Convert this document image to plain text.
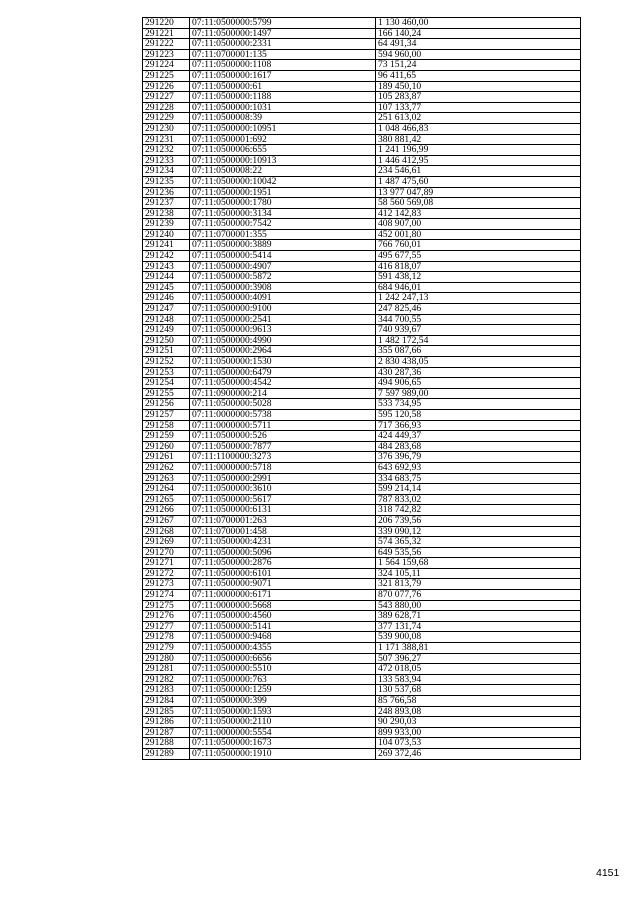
291220	07:11:0500000:5799	1 130 460,00
291221	07:11:0500000:1497	166 140,24
291222	07:11:0500000:2331	64 491,34
291223	07:11:0700001:135	594 960,00
291224	07:11:0500000:1108	73 151,24
291225	07:11:0500000:1617	96 411,65
291226	07:11:0500000:61	189 450,10
291227	07:11:0500000:1188	105 283,87
291228	07:11:0500000:1031	107 133,77
291229	07:11:0500008:39	251 613,02
291230	07:11:0500000:10951	1 048 466,83
291231	07:11:0500001:692	380 881,42
291232	07:11:0500006:655	1 241 196,99
291233	07:11:0500000:10913	1 446 412,95
291234	07:11:0500008:22	234 546,61
291235	07:11:0500000:10042	1 487 475,60
291236	07:11:0500000:1951	13 977 047,89
291237	07:11:0500000:1780	58 560 569,08
291238	07:11:0500000:3134	412 142,83
291239	07:11:0500000:7542	408 907,00
291240	07:11:0700001:355	452 001,80
291241	07:11:0500000:3889	766 760,01
291242	07:11:0500000:5414	495 677,55
291243	07:11:0500000:4907	416 818,07
291244	07:11:0500000:5872	591 438,12
291245	07:11:0500000:3908	684 946,01
291246	07:11:0500000:4091	1 242 247,13
291247	07:11:0500000:9100	247 825,46
291248	07:11:0500000:2541	344 700,55
291249	07:11:0500000:9613	740 939,67
291250	07:11:0500000:4990	1 482 172,54
291251	07:11:0500000:2964	355 087,66
291252	07:11:0500000:1530	2 830 438,05
291253	07:11:0500000:6479	430 287,36
291254	07:11:0500000:4542	494 906,65
291255	07:11:0900000:214	7 597 989,00
291256	07:11:0500000:5028	533 734,95
291257	07:11:0000000:5738	595 120,58
291258	07:11:0000000:5711	717 366,93
291259	07:11:0500000:526	424 449,37
291260	07:11:0500000:7877	484 283,68
291261	07:11:1100000:3273	376 396,79
291262	07:11:0000000:5718	643 692,93
291263	07:11:0500000:2991	334 683,75
291264	07:11:0500000:3610	599 214,14
291265	07:11:0500000:5617	787 833,02
291266	07:11:0500000:6131	318 742,82
291267	07:11:0700001:263	206 739,56
291268	07:11:0700001:458	339 090,12
291269	07:11:0500000:4231	574 365,32
291270	07:11:0500000:5096	649 535,56
291271	07:11:0500000:2876	1 564 159,68
291272	07:11:0500000:6101	324 105,11
291273	07:11:0500000:9071	321 813,79
291274	07:11:0000000:6171	870 077,76
291275	07:11:0000000:5668	543 880,00
291276	07:11:0500000:4560	389 628,71
291277	07:11:0500000:5141	377 131,74
291278	07:11:0500000:9468	539 900,08
291279	07:11:0500000:4355	1 171 388,81
291280	07:11:0500000:6656	507 396,27
291281	07:11:0500000:5510	472 018,05
291282	07:11:0500000:763	133 583,94
291283	07:11:0500000:1259	130 537,68
291284	07:11:0500000:399	85 766,58
291285	07:11:0500000:1593	248 893,08
291286	07:11:0500000:2110	90 290,03
291287	07:11:0000000:5554	899 933,00
291288	07:11:0500000:1673	104 073,53
291289	07:11:0500000:1910	269 372,46
4151
